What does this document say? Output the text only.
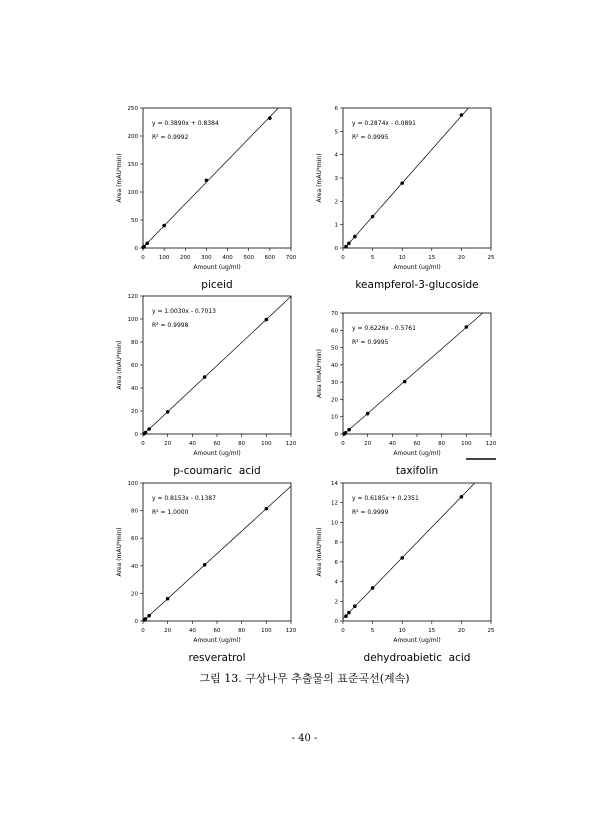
0	100 200 300 400 500 600 700
0
50
100
150
200
250
Amount (ug/ml)
Area (mAU*min)
y = 0.3890x + 0.8384
R² = 0.9992
piceid
0	5	10	15	20	25
0
1
2
3
4
5
6
Amount (ug/ml)
Area (mAU*min)
y = 0.2874x - 0.0891
R² = 0.9995
keampferol-3-glucoside
0	20	40	60	80	100	120
0
20
40
60
80
100
120
Amount (ug/ml)
Area (mAU*min)
y = 1.0030x - 0.7013
R² = 0.9998
p-coumaric  acid
0	20	40	60	80	100	120
0
10
20
30
40
50
60
70
Amount (ug/ml)
Area (mAU*min)
y = 0.6226x - 0.5761
R² = 0.9995
taxifolin
0	20	40	60	80	100	120
0
20
40
60
80
100
Amount (ug/ml)
Area (mAU*min)
y = 0.8153x - 0.1387
R² = 1.0000
resveratrol
0	5	10	15	20	25
0
2
4
6
8
10
12
14
Amount (ug/ml)
Area (mAU*min)
y = 0.6185x + 0.2351
R² = 0.9999
dehydroabietic  acid
그림 13. 구상나무 추출물의 표준곡선(계속)
- 40 -
